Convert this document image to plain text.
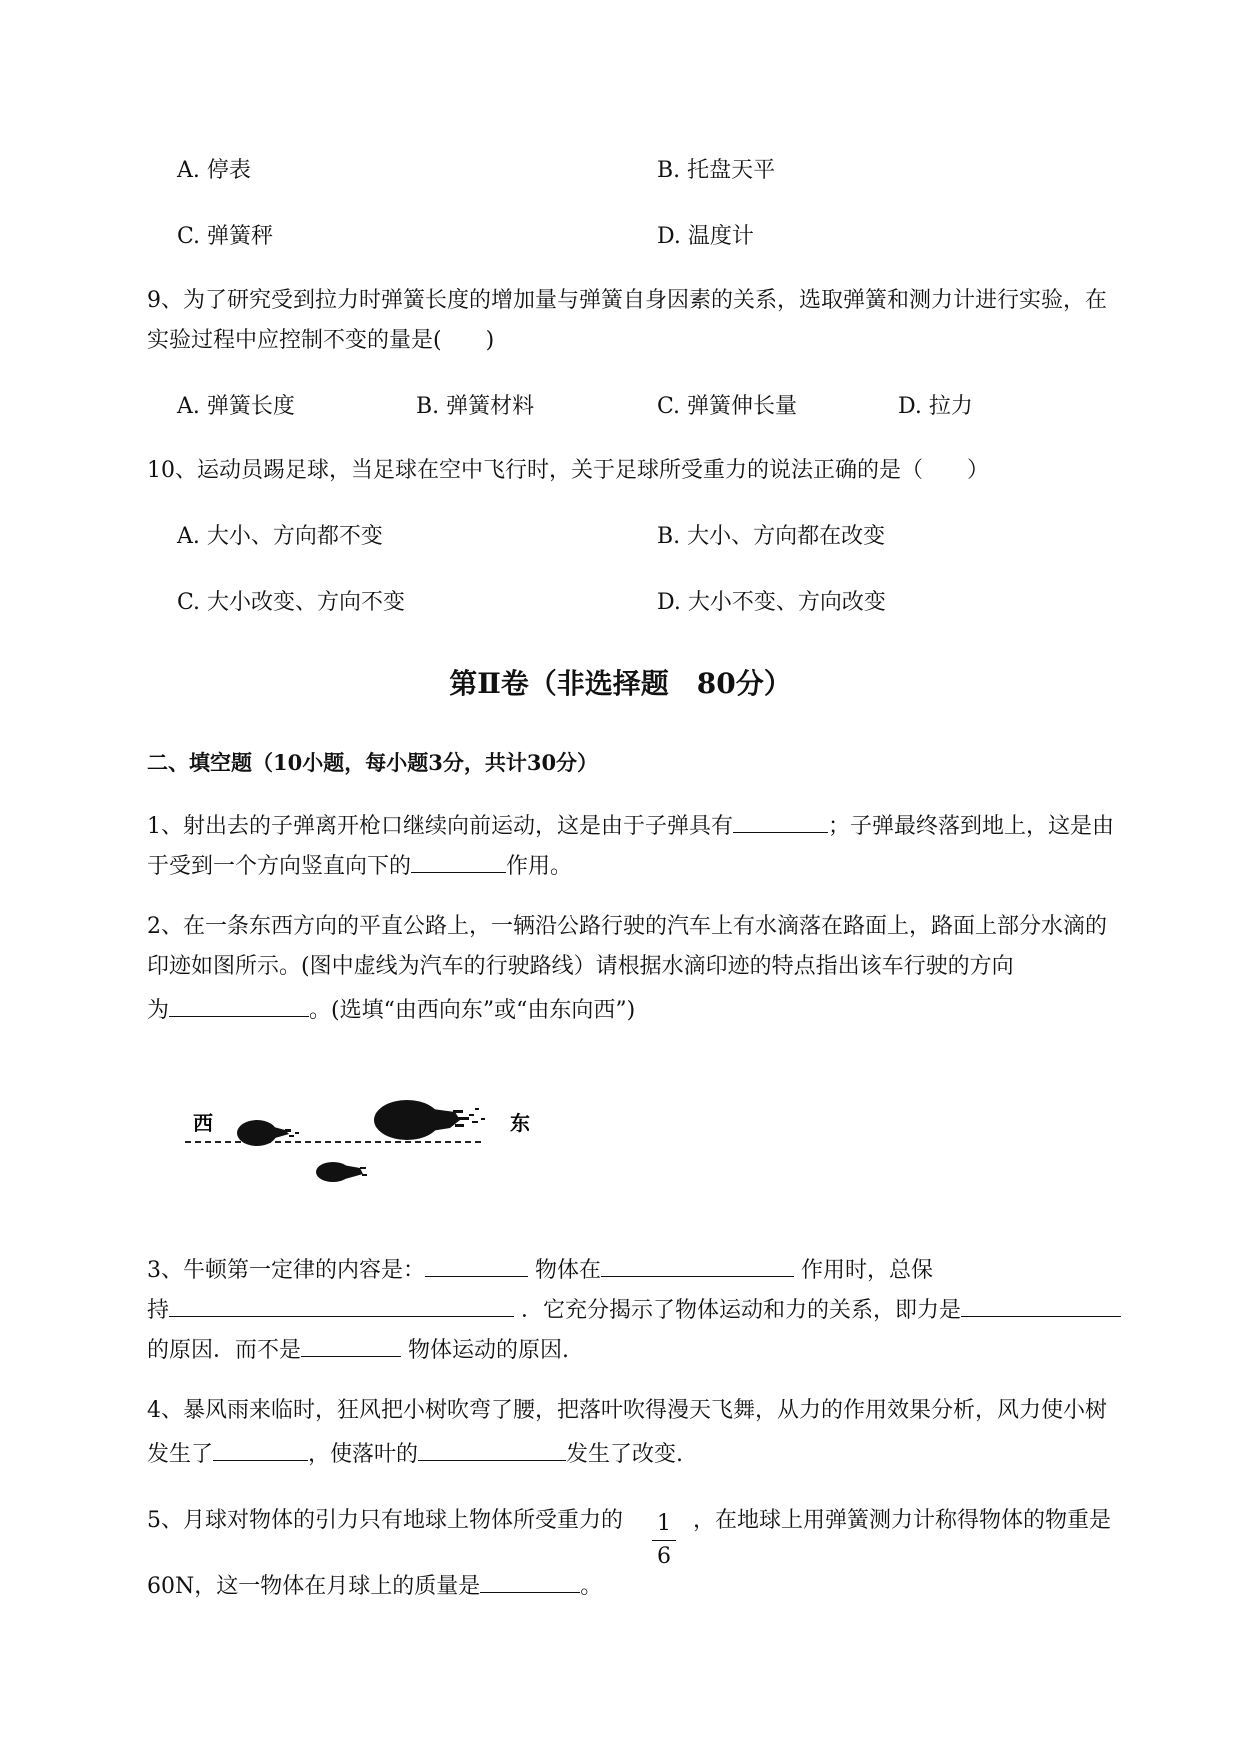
A. 停表	B. 托盘天平
C. 弹簧秤	D. 温度计
9、为了研究受到拉力时弹簧长度的增加量与弹簧自身因素的关系，选取弹簧和测力计进行实验，在
实验过程中应控制不变的量是(　　)
A. 弹簧长度	B. 弹簧材料	C. 弹簧伸长量	D. 拉力
10、运动员踢足球，当足球在空中飞行时，关于足球所受重力的说法正确的是（　　）
A. 大小、方向都不变	B. 大小、方向都在改变
C. 大小改变、方向不变	D. 大小不变、方向改变
第Ⅱ卷（非选择题　80分）
二、填空题（10小题，每小题3分，共计30分）
1、射出去的子弹离开枪口继续向前运动，这是由于子弹具有	；子弹最终落到地上，这是由
于受到一个方向竖直向下的	作用。
2、在一条东西方向的平直公路上，一辆沿公路行驶的汽车上有水滴落在路面上，路面上部分水滴的
印迹如图所示。(图中虚线为汽车的行驶路线）请根据水滴印迹的特点指出该车行驶的方向
为	。(选填“由西向东”或“由东向西”)
西	东
3、牛顿第一定律的内容是：	物体在	作用时，总保
持	．它充分揭示了物体运动和力的关系，即力是
的原因．而不是	物体运动的原因.
4、暴风雨来临时，狂风把小树吹弯了腰，把落叶吹得漫天飞舞，从力的作用效果分析，风力使小树
发生了	，使落叶的	发生了改变.
5、月球对物体的引力只有地球上物体所受重力的	1
6
，在地球上用弹簧测力计称得物体的物重是
60N，这一物体在月球上的质量是	。
